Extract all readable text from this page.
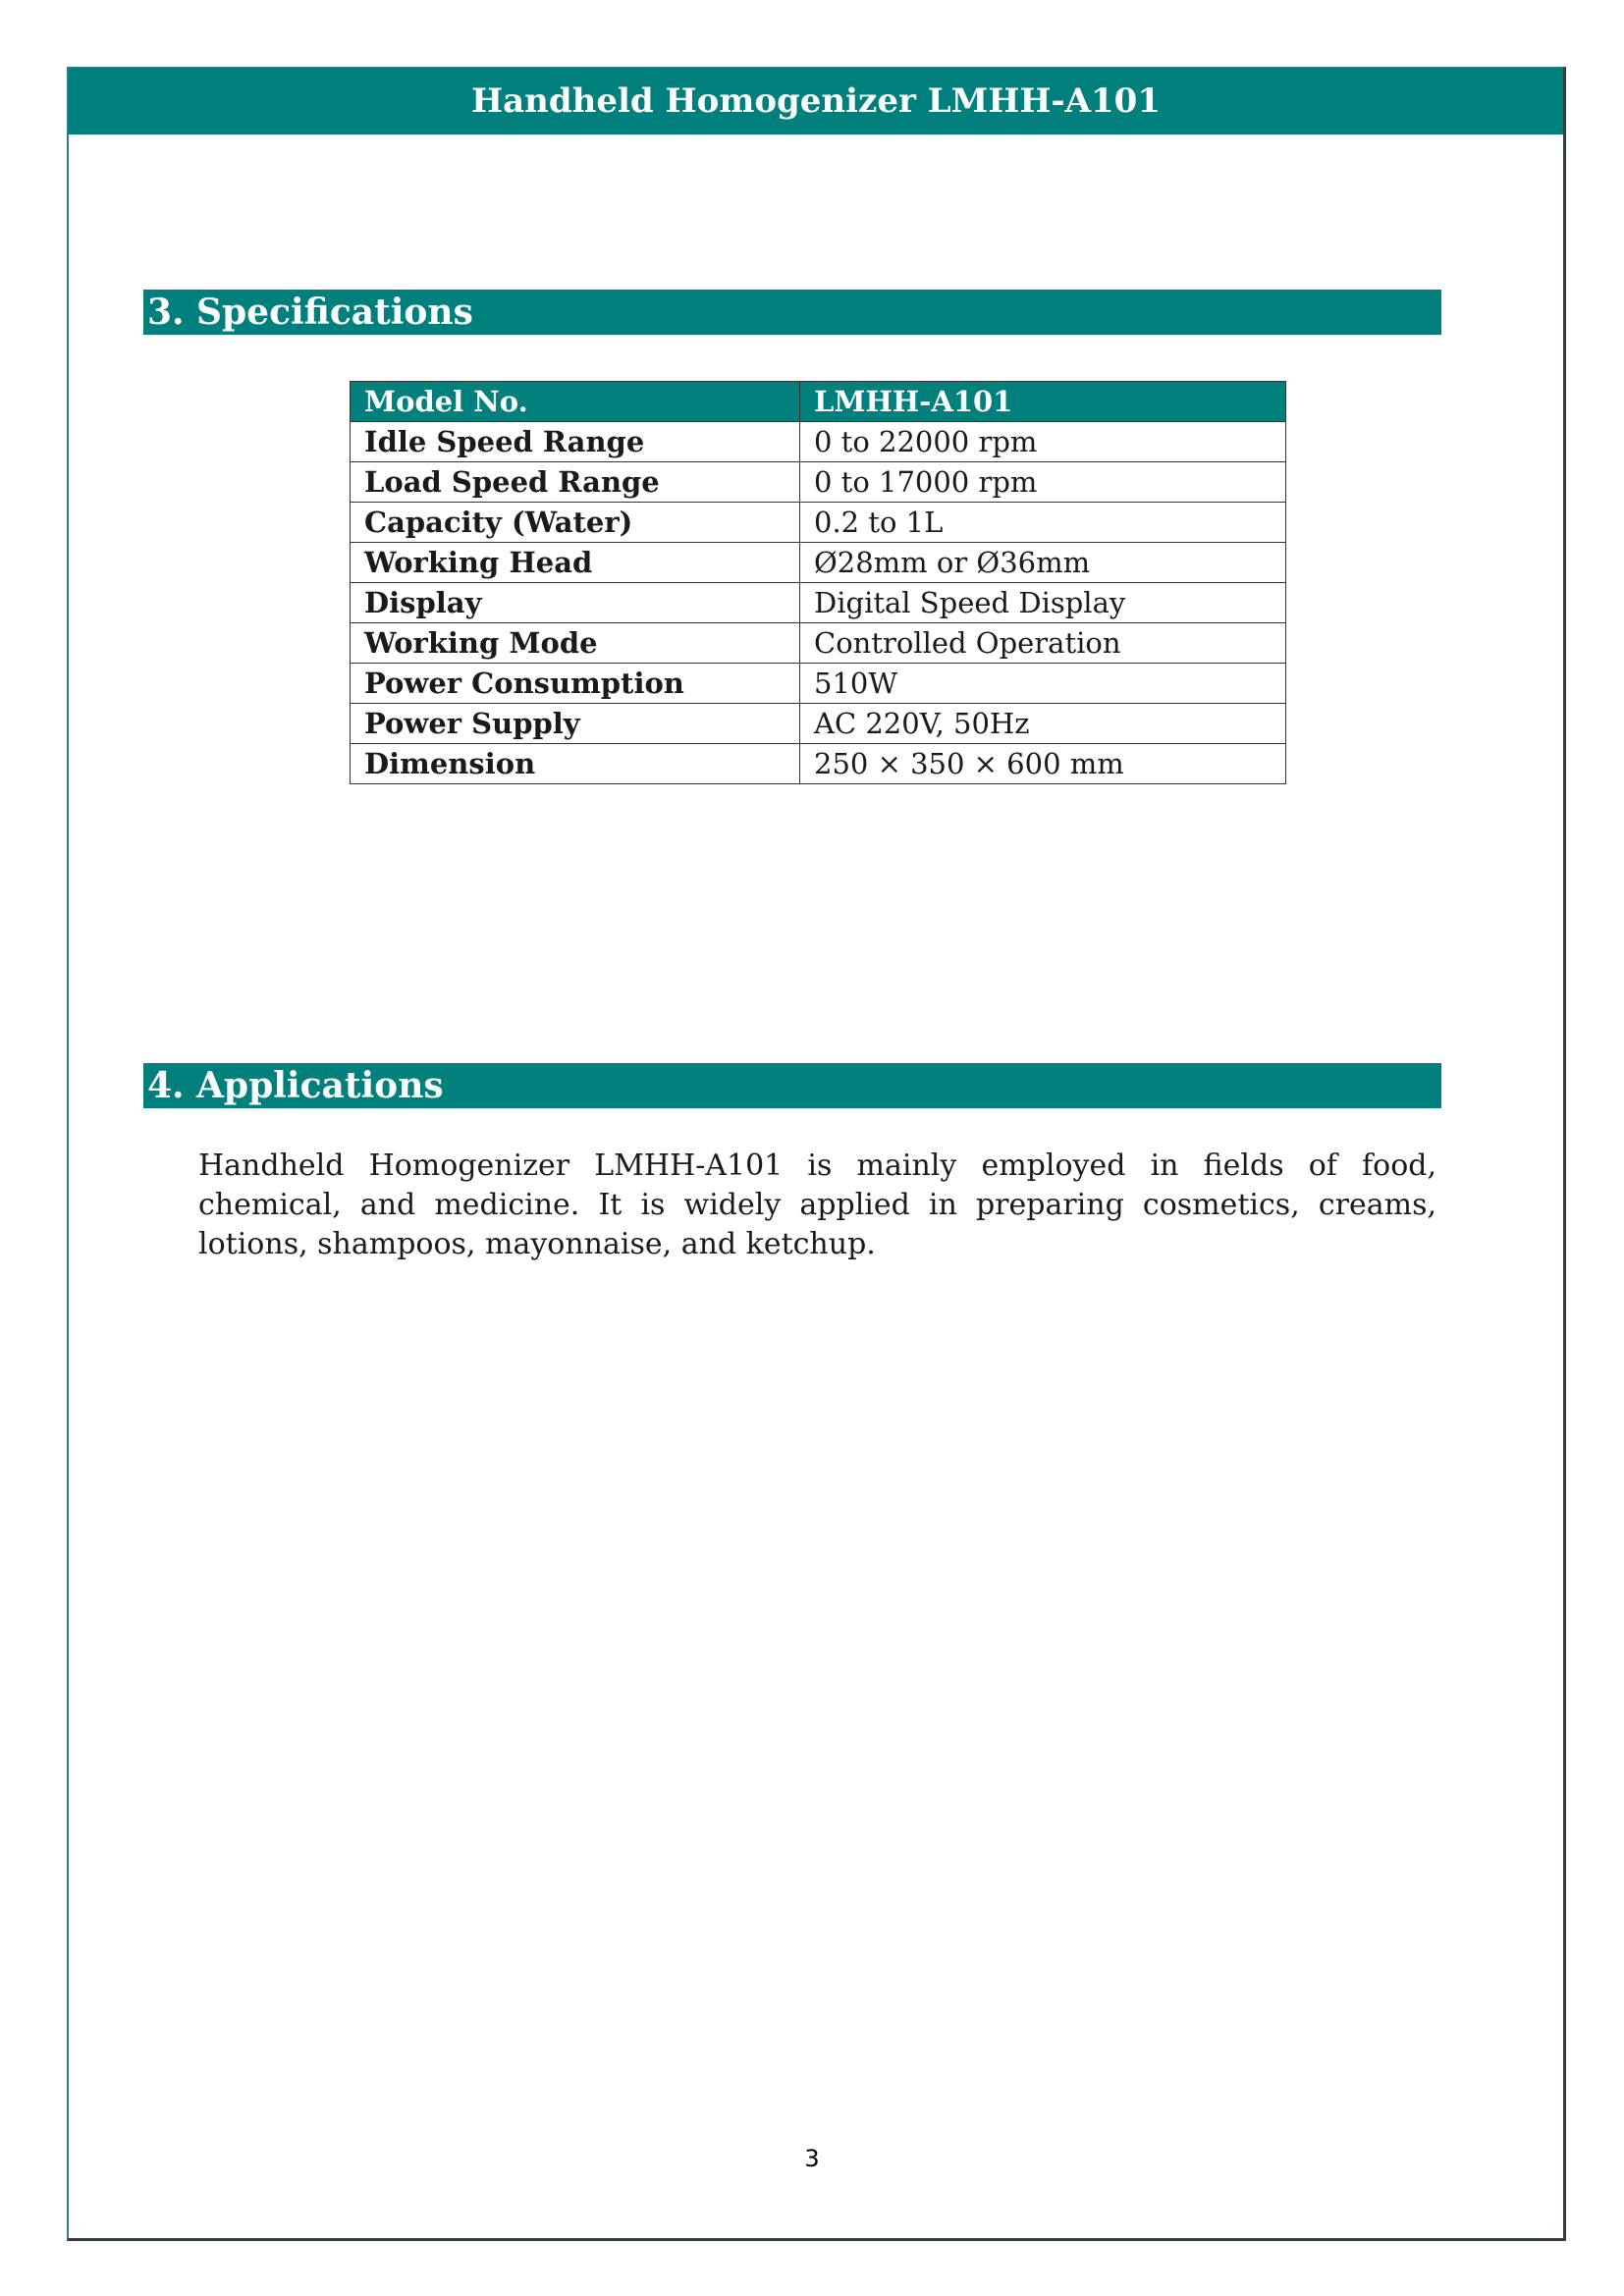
Handheld Homogenizer LMHH-A101
3. Specifications
Model No.	LMHH-A101
Idle Speed Range	0 to 22000 rpm
Load Speed Range	0 to 17000 rpm
Capacity (Water)	0.2 to 1L
Working Head	Ø28mm or Ø36mm
Display	Digital Speed Display
Working Mode	Controlled Operation
Power Consumption	510W
Power Supply	AC 220V, 50Hz
Dimension	250 × 350 × 600 mm
4. Applications

Handheld Homogenizer LMHH-A101 is mainly employed in fields of food, chemical, and medicine. It is widely applied in preparing cosmetics, creams, lotions, shampoos, mayonnaise, and ketchup.

3
